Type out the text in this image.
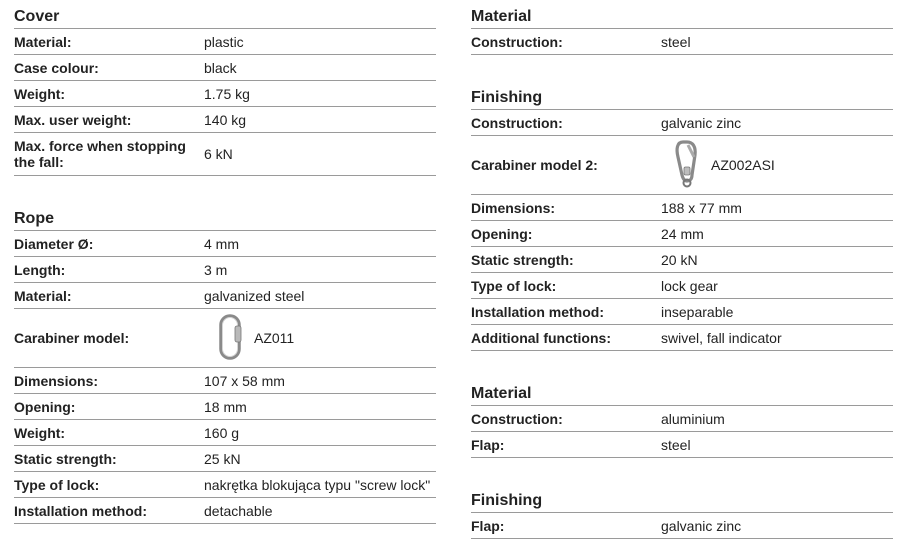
Cover
Material:	plastic
Case colour:	black
Weight:	1.75 kg
Max. user weight:	140 kg
Max. force when stopping the fall:	6 kN
Rope
Diameter Ø:	4 mm
Length:	3 m
Material:	galvanized steel
Carabiner model:	AZ011
Dimensions:	107 x 58 mm
Opening:	18 mm
Weight:	160 g
Static strength:	25 kN
Type of lock:	nakrętka blokująca typu "screw lock"
Installation method:	detachable
Material
Construction:	steel
Finishing
Construction:	galvanic zinc
Carabiner model 2:	AZ002ASI
Dimensions:	188 x 77 mm
Opening:	24 mm
Static strength:	20 kN
Type of lock:	lock gear
Installation method:	inseparable
Additional functions:	swivel, fall indicator
Material
Construction:	aluminium
Flap:	steel
Finishing
Flap:	galvanic zinc
